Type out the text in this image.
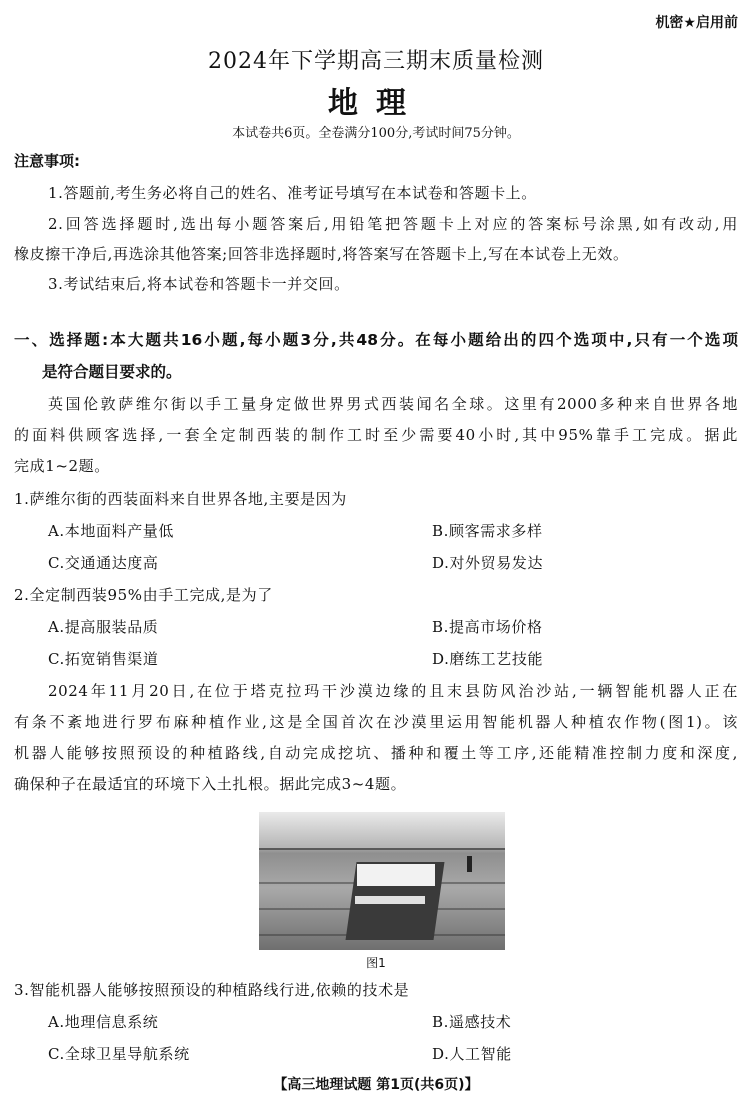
机密★启用前
2024年下学期高三期末质量检测
地理
本试卷共6页。全卷满分100分,考试时间75分钟。
注意事项:
1.答题前,考生务必将自己的姓名、准考证号填写在本试卷和答题卡上。
2.回答选择题时,选出每小题答案后,用铅笔把答题卡上对应的答案标号涂黑,如有改动,用
橡皮擦干净后,再选涂其他答案;回答非选择题时,将答案写在答题卡上,写在本试卷上无效。
3.考试结束后,将本试卷和答题卡一并交回。
一、选择题:本大题共16小题,每小题3分,共48分。在每小题给出的四个选项中,只有一个选项
是符合题目要求的。
英国伦敦萨维尔街以手工量身定做世界男式西装闻名全球。这里有2000多种来自世界各地
的面料供顾客选择,一套全定制西装的制作工时至少需要40小时,其中95%靠手工完成。据此
完成1~2题。
1.萨维尔街的西装面料来自世界各地,主要是因为
A.本地面料产量低	B.顾客需求多样
C.交通通达度高	D.对外贸易发达
2.全定制西装95%由手工完成,是为了
A.提高服装品质	B.提高市场价格
C.拓宽销售渠道	D.磨练工艺技能
2024年11月20日,在位于塔克拉玛干沙漠边缘的且末县防风治沙站,一辆智能机器人正在
有条不紊地进行罗布麻种植作业,这是全国首次在沙漠里运用智能机器人种植农作物(图1)。该
机器人能够按照预设的种植路线,自动完成挖坑、播种和覆土等工序,还能精准控制力度和深度,
确保种子在最适宜的环境下入土扎根。据此完成3~4题。
图1
3.智能机器人能够按照预设的种植路线行进,依赖的技术是
A.地理信息系统	B.遥感技术
C.全球卫星导航系统	D.人工智能
【高三地理试题 第1页(共6页)】
